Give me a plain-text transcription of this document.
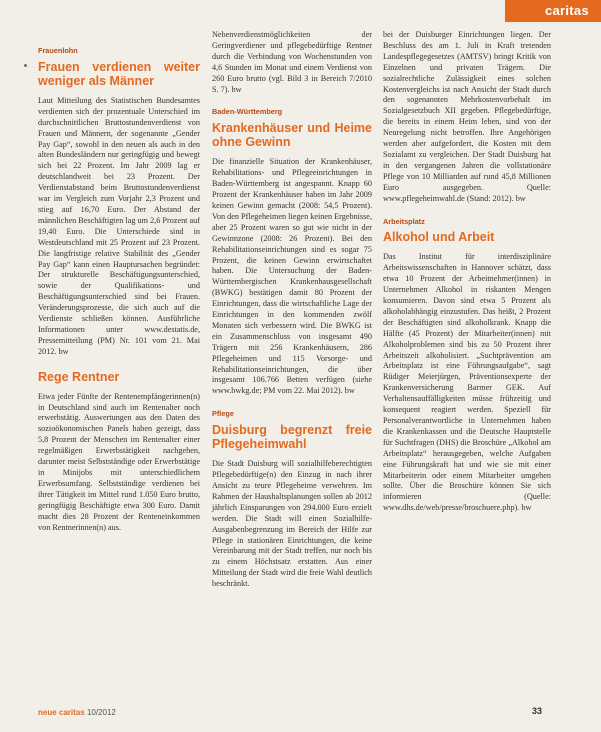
caritas
Frauenlohn
Frauen verdienen weiter weniger als Männer
Laut Mitteilung des Statistischen Bundesamtes verdienten sich der prozentuale Unterschied im durchschnittlichen Bruttostundenverdienst von Frauen und Männern, der sogenannte „Gender Pay Gap“, sowohl in den neuen als auch in den alten Bundesländern nur geringfügig und bewegt sich bei 22 Prozent. Im Jahr 2009 lag er deutschlandweit bei 23 Prozent. Der Verdienstabstand beim Bruttostundenverdienst war im Vergleich zum Vorjahr 2,3 Prozent und stieg auf 16,70 Euro. Der Abstand der männlichen Beschäftigten lag um 2,6 Prozent auf 19,40 Euro. Die Unterschiede sind in Westdeutschland mit 25 Prozent auf 23 Prozent. Die langfristige relative Stabilität des „Gender Pay Gap“ kann einen Hauptursachen begründet: Der strukturelle Beschäftigungsunterschied, sowie der Qualifikations- und Beschäftigungsunterschied sind bei Frauen. Veränderungsprozesse, die sich auch auf die Verdienste schließen können. Ausführliche Informationen unter www.destatis.de, Pressemitteilung (PM) Nr. 101 vom 21. Mai 2012. bw
Rege Rentner
Etwa jeder Fünfte der Rentenempfängerinnen(n) in Deutschland sind auch im Rentenalter noch erwerbstätig. Auswertungen aus den Daten des sozioökonomischen Panels haben gezeigt, dass 5,8 Prozent der Menschen im Rentenalter einer regelmäßigen Erwerbstätigkeit nachgehen, darunter meist Selbstständige oder Erwerbstätige in Minijobs mit unterschiedlichem Erwerbsumfang. Selbstständige verdienen bei ihrer Tätigkeit im Mittel rund 1.050 Euro brutto, geringfügig Beschäftigte etwa 300 Euro. Damit macht dies 28 Prozent der Renteneinkommen von Rentnerinnen(n) aus.
Nebenverdienstmöglichkeiten der Geringverdiener und pflegebedürftige Rentner durch die Verbindung von Wochenstunden von 4,6 Stunden im Monat und einem Verdienst von 260 Euro brutto (vgl. Bild 3 in Bereich 7/2010 S. 7). bw
Baden-Württemberg
Krankenhäuser und Heime ohne Gewinn
Die finanzielle Situation der Krankenhäuser, Rehabilitations- und Pflegeeinrichtungen in Baden-Württemberg ist angespannt. Knapp 60 Prozent der Krankenhäuser haben im Jahr 2009 keinen Gewinn gemacht (2008: 54,5 Prozent). Von den Pflegeheimen liegen keinen Ergebnisse, aber 25 Prozent waren so gut wie nicht in der Gewinnzone (2008: 26 Prozent). Bei den Rehabilitationseinrichtungen sind es sogar 75 Prozent, die keinen Gewinn erwirtschaftet haben. Die Untersuchung der Baden-Württembergischen Krankenhausgesellschaft (BWKG) bestätigen damit 80 Prozent der Einrichtungen, dass die wirtschaftliche Lage der Einrichtungen in den kommenden zwölf Monaten sich verbessern wird. Die BWKG ist ein Zusammenschluss von insgesamt 490 Trägern mit 256 Krankenhäusern, 286 Pflegeheimen und 115 Vorsorge- und Rehabilitationseinrichtungen, die über insgesamt 106.766 Betten verfügen (siehe www.bwkg.de; PM vom 22. Mai 2012). bw
Pflege
Duisburg begrenzt freie Pflegeheimwahl
Die Stadt Duisburg will sozialhilfeberechtigten Pflegebedürftige(n) den Einzug in nach ihrer Ansicht zu teure Pflegeheime verwehren. Im Rahmen der Haushaltsplanungen sollen ab 2012 jährlich Einsparungen von 294.000 Euro erzielt werden. Die Stadt will einen Sozialhilfe-Ausgabenbegrenzung im Bereich der Hilfe zur Pflege in stationären Einrichtungen, die keine Vereinbarung mit der Stadt treffen, nur noch bis zu einem Höchstsatz erstatten. Aus einer Mitteilung der Stadt wird die freie Wahl deutlich beschränkt.
bei der Duisburger Einrichtungen liegen. Der Beschluss des am 1. Juli in Kraft tretenden Landespflegegesetzes (AMTSV) bringt Kritik von Einzelnen und privaten Trägern. Die sozialrechtliche Zulässigkeit eines solchen Kostenvergleichs ist nach Ansicht der Stadt durch den sogenannten Mehrkostenvorbehalt im Sozialgesetzbuch XII gegeben. Pflegebedürftige, die bereits in einem Heim leben, sind von der Neuregelung nicht betroffen. Ihre Angehörigen werden aber aufgefordert, die Kosten mit dem Sozialamt zu vergleichen. Der Stadt Duisburg hat in den vergangenen Jahren die vollstationäre Pflege von 10 Milliarden auf rund 45,8 Millionen Euro ausgegeben. Quelle: www.pflegeheimwahl.de (Stand: 2012). bw
Arbeitsplatz
Alkohol und Arbeit
Das Institut für interdisziplinäre Arbeitswissenschaften in Hannover schätzt, dass etwa 10 Prozent der Arbeitnehmer(innen) in Unternehmen Alkohol in riskanten Mengen konsumieren. Davon sind etwa 5 Prozent als alkoholabhängig einzustufen. Das heißt, 2 Prozent der Beschäftigten sind alkoholkrank. Knapp die Hälfte (45 Prozent) der Mitarbeiter(innen) mit Alkoholproblemen sind bis zu 50 Prozent ihrer Arbeitszeit alkoholisiert. „Suchtprävention am Arbeitsplatz ist eine Führungsaufgabe“, sagt Rüdiger Meierjürgen, Präventionsexperte der Krankenversicherung Barmer GEK. Auf Verhaltensauffälligkeiten müsse frühzeitig und konsequent reagiert werden. Speziell für Personalverantwortliche in Unternehmen haben die Krankenkassen und die Deutsche Hauptstelle für Suchtfragen (DHS) die Broschüre „Alkohol am Arbeitsplatz“ herausgegeben, welche Aufgaben eine Führungskraft hat und wie sie mit einer Mitarbeiterin oder einem Mitarbeiter umgehen sollte. Über die Broschüre können Sie sich informieren (Quelle: www.dhs.de/web/presse/broschuere.php). bw
neue caritas 10/2012	33
